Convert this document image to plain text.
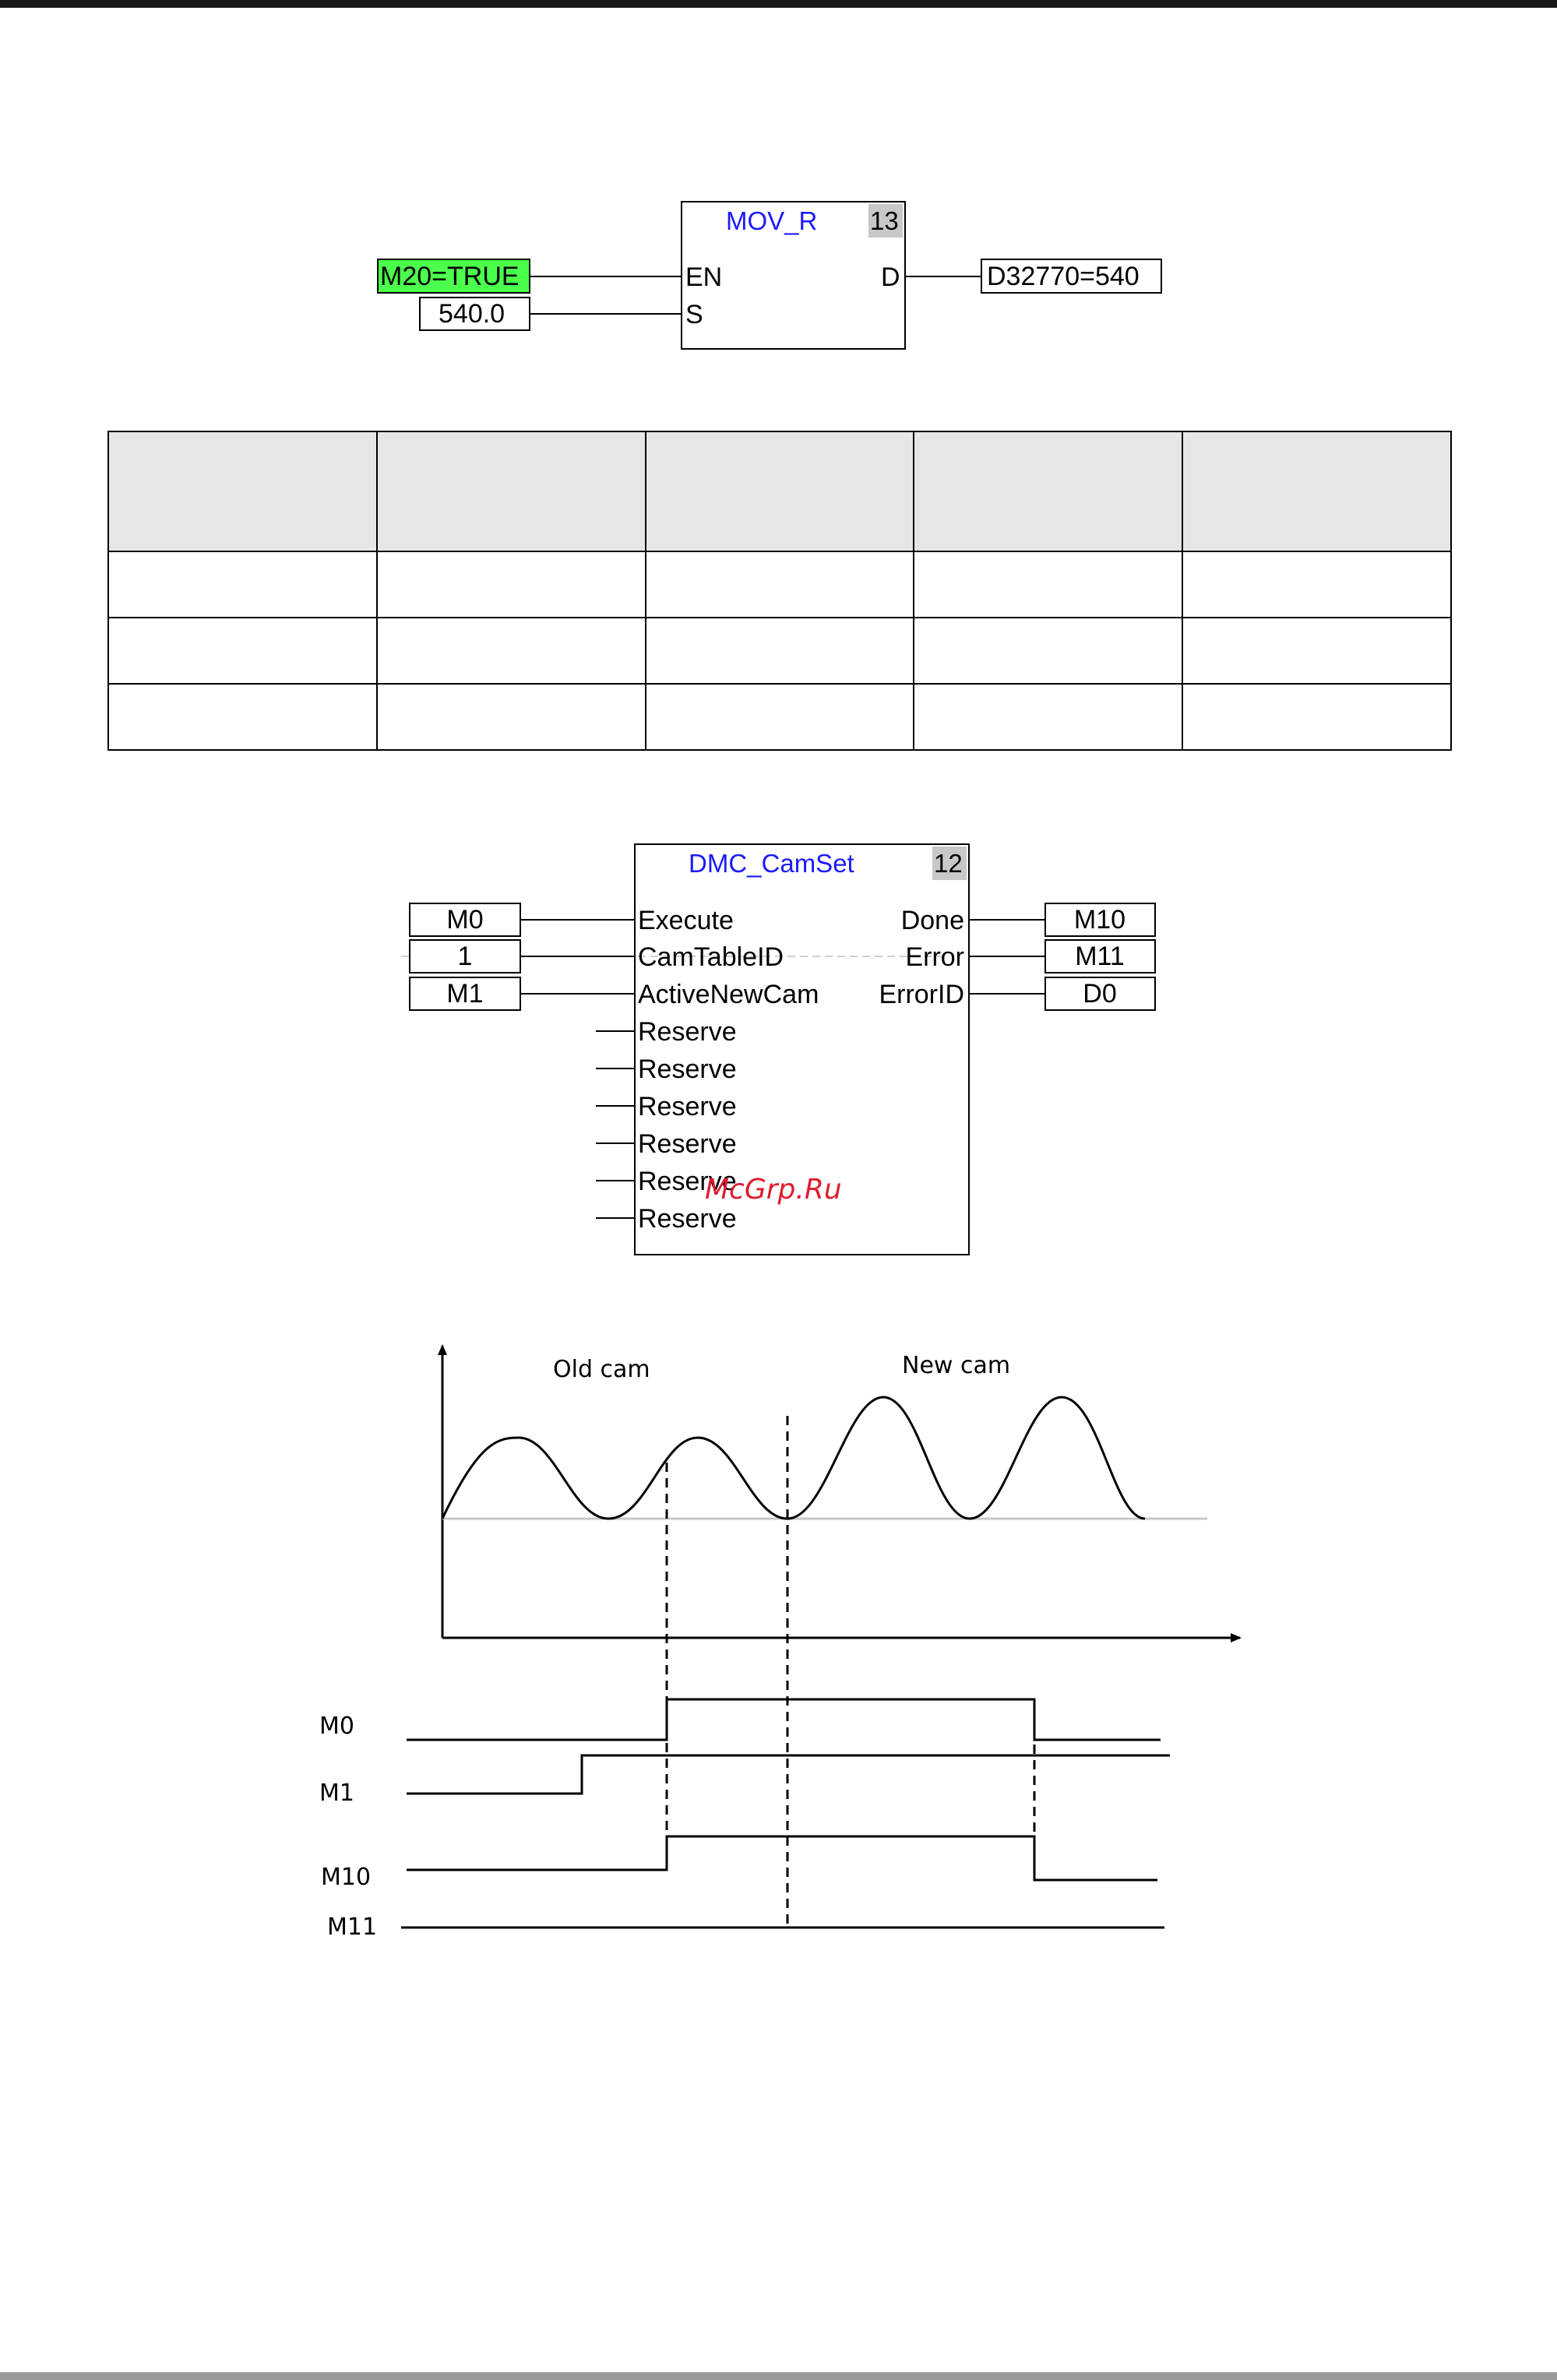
MOV_R 13
EN
S
D
M20=TRUE
540.0
D32770=540

DMC_CamSet	12
Execute
CamTableID
ActiveNewCam
Reserve
Reserve
Reserve
Reserve
Reserve
Reserve
Done
Error
ErrorID
M0
1
M1
M10
M11
D0
McGrp.Ru
Old cam	New cam
M0
M1
M10
M11
